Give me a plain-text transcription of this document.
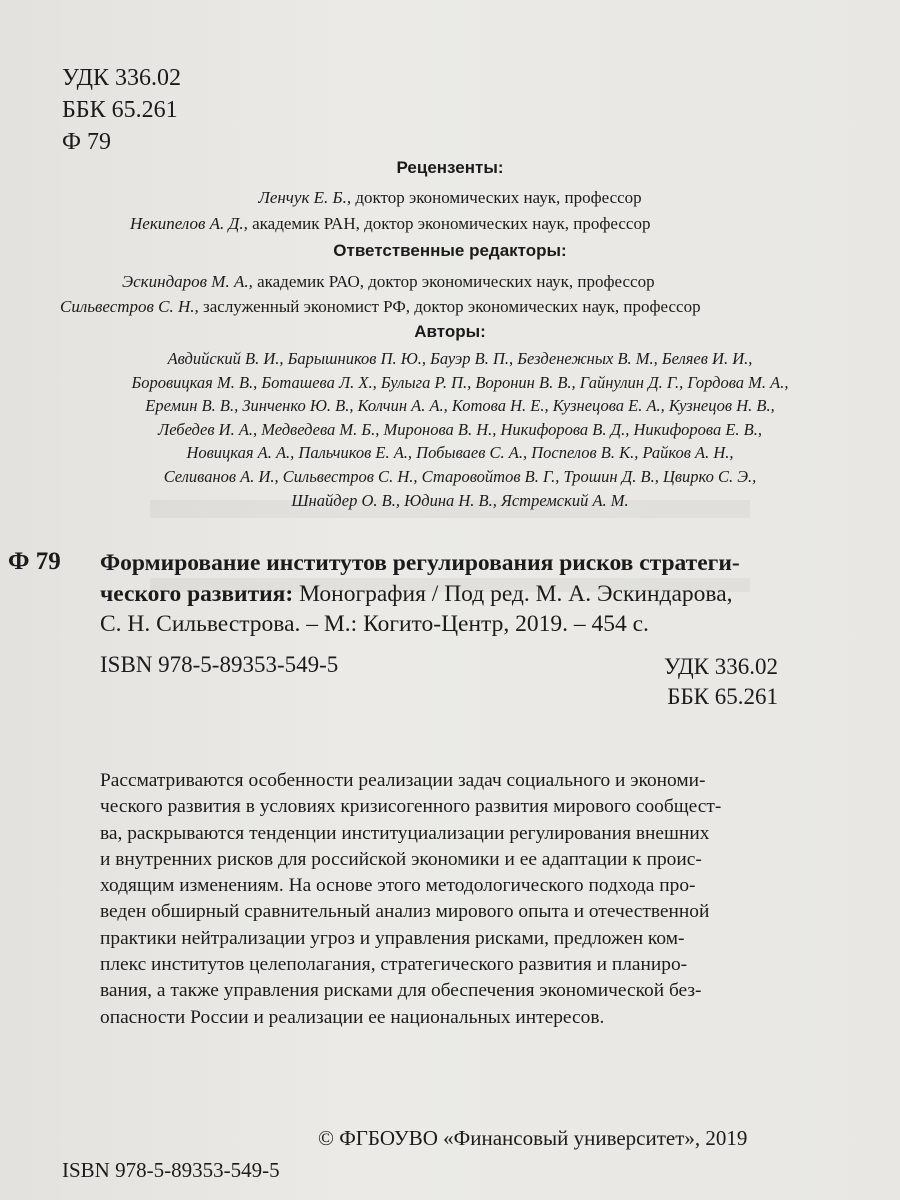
УДК 336.02
ББК 65.261
Ф 79
Рецензенты:
Ленчук Е. Б., доктор экономических наук, профессор
Некипелов А. Д., академик РАН, доктор экономических наук, профессор
Ответственные редакторы:
Эскиндаров М. А., академик РАО, доктор экономических наук, профессор
Сильвестров С. Н., заслуженный экономист РФ, доктор экономических наук, профессор
Авторы:
Авдийский В. И., Барышников П. Ю., Бауэр В. П., Безденежных В. М., Беляев И. И.,
Боровицкая М. В., Боташева Л. Х., Булыга Р. П., Воронин В. В., Гайнулин Д. Г., Гордова М. А.,
Еремин В. В., Зинченко Ю. В., Колчин А. А., Котова Н. Е., Кузнецова Е. А., Кузнецов Н. В.,
Лебедев И. А., Медведева М. Б., Миронова В. Н., Никифорова В. Д., Никифорова Е. В.,
Новицкая А. А., Пальчиков Е. А., Побываев С. А., Поспелов В. К., Райков А. Н.,
Селиванов А. И., Сильвестров С. Н., Старовойтов В. Г., Трошин Д. В., Цвирко С. Э.,
Шнайдер О. В., Юдина Н. В., Ястремский А. М.
Ф 79 Формирование институтов регулирования рисков стратеги-
ческого развития: Монография / Под ред. М. А. Эскиндарова,
С. Н. Сильвестрова. – М.: Когито-Центр, 2019. – 454 с.
ISBN 978-5-89353-549-5	УДК 336.02
ББК 65.261
Рассматриваются особенности реализации задач социального и экономи-
ческого развития в условиях кризисогенного развития мирового сообщест-
ва, раскрываются тенденции институциализации регулирования внешних
и внутренних рисков для российской экономики и ее адаптации к проис-
ходящим изменениям. На основе этого методологического подхода про-
веден обширный сравнительный анализ мирового опыта и отечественной
практики нейтрализации угроз и управления рисками, предложен ком-
плекс институтов целеполагания, стратегического развития и планиро-
вания, а также управления рисками для обеспечения экономической без-
опасности России и реализации ее национальных интересов.
© ФГБОУВО «Финансовый университет», 2019
ISBN 978-5-89353-549-5
